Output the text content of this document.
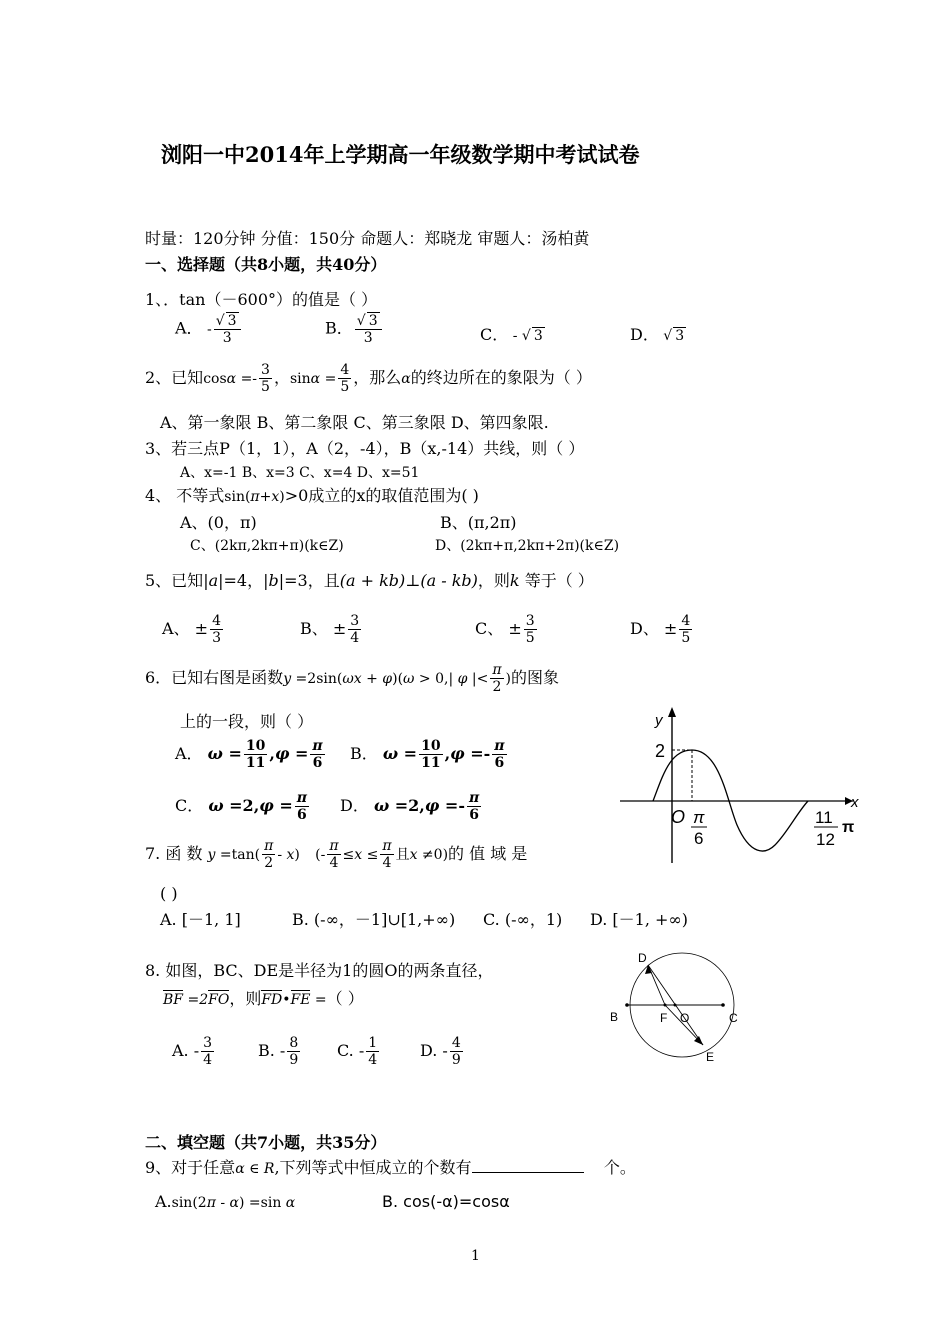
浏阳一中2014年上学期高一年级数学期中考试试卷
时量：120分钟 分值：150分 命题人：郑晓龙 审题人：汤柏黄
一、选择题（共8小题，共40分）
1、．tan（－600°）的值是（ ）
A． - $\frac{√ 3}{3}$	B． $\frac{√ 3}{3}$	C． - √ 3	D． √ 3
2、已知$\cos\alpha =- \frac{3}{5}$ ，$\sin\alpha = \frac{4}{5}$ ，那么α的终边所在的象限为（ ）
A、第一象限 B、第二象限 C、第三象限 D、第四象限.
3、若三点P（1，1），A（2，-4），B（x,-14）共线，则（ ）
A、x=-1 B、x=3 C、x=4 D、x=51
4、 不等式sin(π+x)>0成立的x的取值范围为( )
A、(0，π)	B、(π,2π)
C、(2kπ,2kπ+π)(k∈Z)	D、(2kπ+π,2kπ+2π)(k∈Z)
5、已知|a|=4，|b|=3，且(a + kb)⊥(a - kb)，则k 等于（ ）
A、 ± $\frac{4}{3}$	B、 ± $\frac{3}{4}$	C、 ± $\frac{3}{5}$	D、 ± $\frac{4}{5}$
6．已知右图是函数y =2sin(ωx + φ)(ω > 0,| φ |< $\frac{\pi}{2}$ )的图象
上的一段，则（ ）
A． $\omega = \frac{10}{11} ,\varphi = \frac{\pi}{6}$ B． $\omega = \frac{10}{11} ,\varphi =- \frac{\pi}{6}$
C． $\omega =2,\varphi = \frac{\pi}{6}$ D． $\omega =2,\varphi =- \frac{\pi}{6}$
y
x
2
O π
6
11
12
π
7. 函 数 $y =\tan( \frac{\pi}{2} - x)$ (- $\frac{\pi}{4} \le x \le \frac{\pi}{4}$ 且x ≠0)的 值 域 是
( )
A. [－1, 1]	B. (-∞，－1]∪[1,+∞) C. (-∞，1) D. [－1, +∞)
8. 如图，BC、DE是半径为1的圆O的两条直径，
BF =2FO，则FD•FE =（ ）
A. - $\frac{3}{4}$	B. - $\frac{8}{9} C$. - $\frac{1}{4}$	D. - $\frac{4}{9}$
D
B	F O	C
E
二、填空题（共7小题，共35分）
9、对于任意α ∈ R,下列等式中恒成立的个数有	个。
A.sin(2π - α) =sin α	B. cos(-α)=cosα
1
